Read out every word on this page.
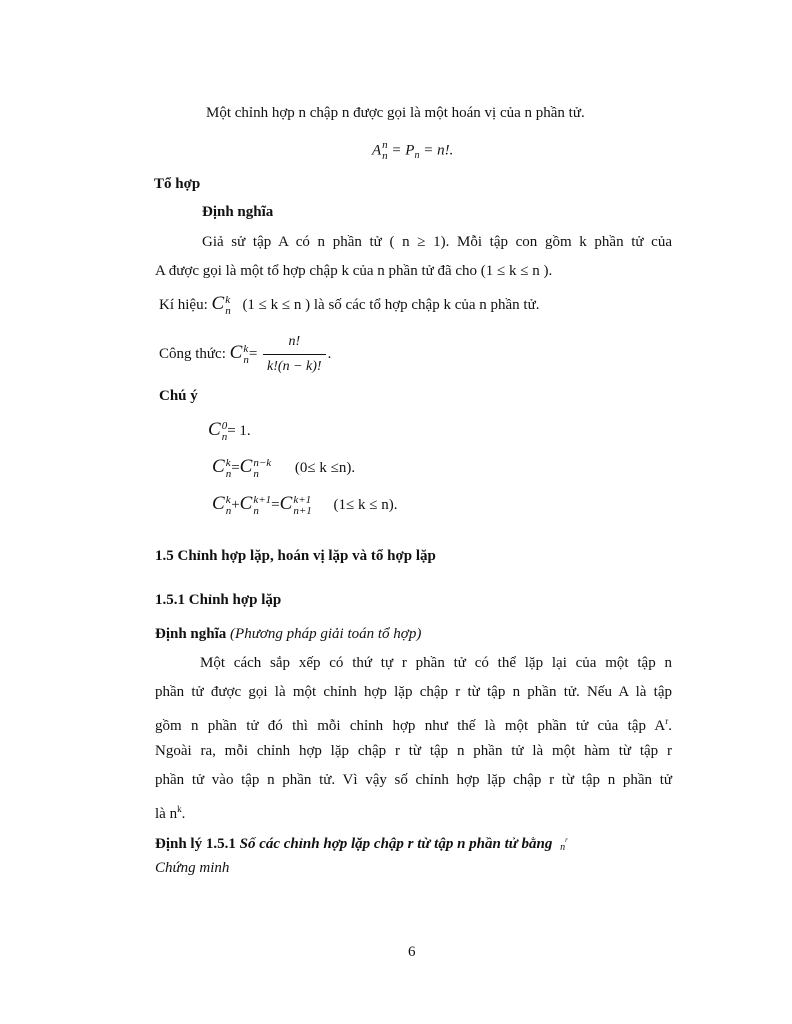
Một chỉnh hợp n chập n được gọi là một hoán vị của n phần tử.
A n
$n = P_n = n$!.
Tổ hợp
Định nghĩa
Giả sử tập A có n phần tử ( n ≥ 1). Mỗi tập con gồm k phần tử của
A được gọi là một tổ hợp chập k của n phần tử đã cho (1 ≤ k ≤ n ).
Kí hiệu: C k
n (1 ≤ k ≤ n ) là số các tổ hợp chập k của n phần tử.
Công thức: C k
$n = \frac{n!}{k!(n - k)!}$ .
Chú ý
C 0
n = 1.
C k
n =C n−k
n	(0≤ k ≤n).
C k
n +C k+1
n =C k+1
n+1 (1≤ k ≤ n).
1.5 Chỉnh hợp lặp, hoán vị lặp và tổ hợp lặp
1.5.1 Chỉnh hợp lặp
Định nghĩa (Phương pháp giải toán tổ hợp)
Một cách sắp xếp có thứ tự r phần tử có thể lặp lại của một tập n
phần tử được gọi là một chỉnh hợp lặp chập r từ tập n phần tử. Nếu A là tập
gồm n phần tử đó thì mỗi chỉnh hợp như thế là một phần tử của tập $A^r$.
Ngoài ra, mỗi chỉnh hợp lặp chập r từ tập n phần tử là một hàm từ tập r
phần tử vào tập n phần tử. Vì vậy số chỉnh hợp lặp chập r từ tập n phần tử
là $n^k$.
Định lý 1.5.1 Số các chỉnh hợp lặp chập r từ tập n phần tử bằng $n^r$
Chứng minh
6
